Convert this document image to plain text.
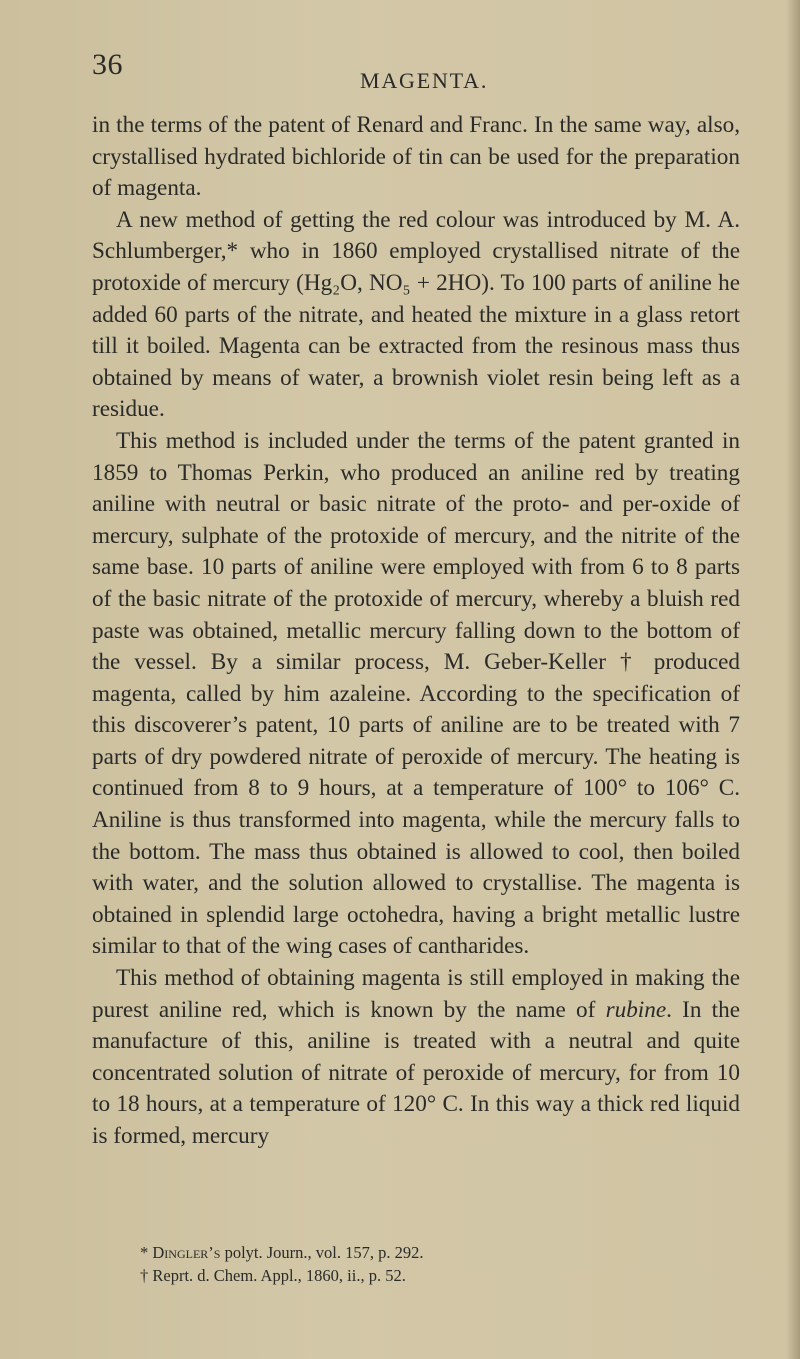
36	MAGENTA.

in the terms of the patent of Renard and Franc. In the same way, also, crystallised hydrated bichloride of tin can be used for the preparation of magenta.

A new method of getting the red colour was introduced by M. A. Schlumberger,* who in 1860 employed crystallised nitrate of the protoxide of mercury (Hg₂O, NO₅ + 2HO). To 100 parts of aniline he added 60 parts of the nitrate, and heated the mixture in a glass retort till it boiled. Magenta can be extracted from the resinous mass thus obtained by means of water, a brownish violet resin being left as a residue.

This method is included under the terms of the patent granted in 1859 to Thomas Perkin, who produced an aniline red by treating aniline with neutral or basic nitrate of the proto- and per-oxide of mercury, sulphate of the protoxide of mercury, and the nitrite of the same base. 10 parts of aniline were employed with from 6 to 8 parts of the basic nitrate of the protoxide of mercury, whereby a bluish red paste was obtained, metallic mercury falling down to the bottom of the vessel. By a similar process, M. Geber-Keller † produced magenta, called by him azaleine. According to the specification of this discoverer’s patent, 10 parts of aniline are to be treated with 7 parts of dry powdered nitrate of peroxide of mercury. The heating is continued from 8 to 9 hours, at a temperature of 100° to 106° C. Aniline is thus transformed into magenta, while the mercury falls to the bottom. The mass thus obtained is allowed to cool, then boiled with water, and the solution allowed to crystallise. The magenta is obtained in splendid large octohedra, having a bright metallic lustre similar to that of the wing cases of cantharides.

This method of obtaining magenta is still employed in making the purest aniline red, which is known by the name of rubine. In the manufacture of this, aniline is treated with a neutral and quite concentrated solution of nitrate of peroxide of mercury, for from 10 to 18 hours, at a temperature of 120° C. In this way a thick red liquid is formed, mercury

* Dingler’s polyt. Journ., vol. 157, p. 292.

† Reprt. d. Chem. Appl., 1860, ii., p. 52.
